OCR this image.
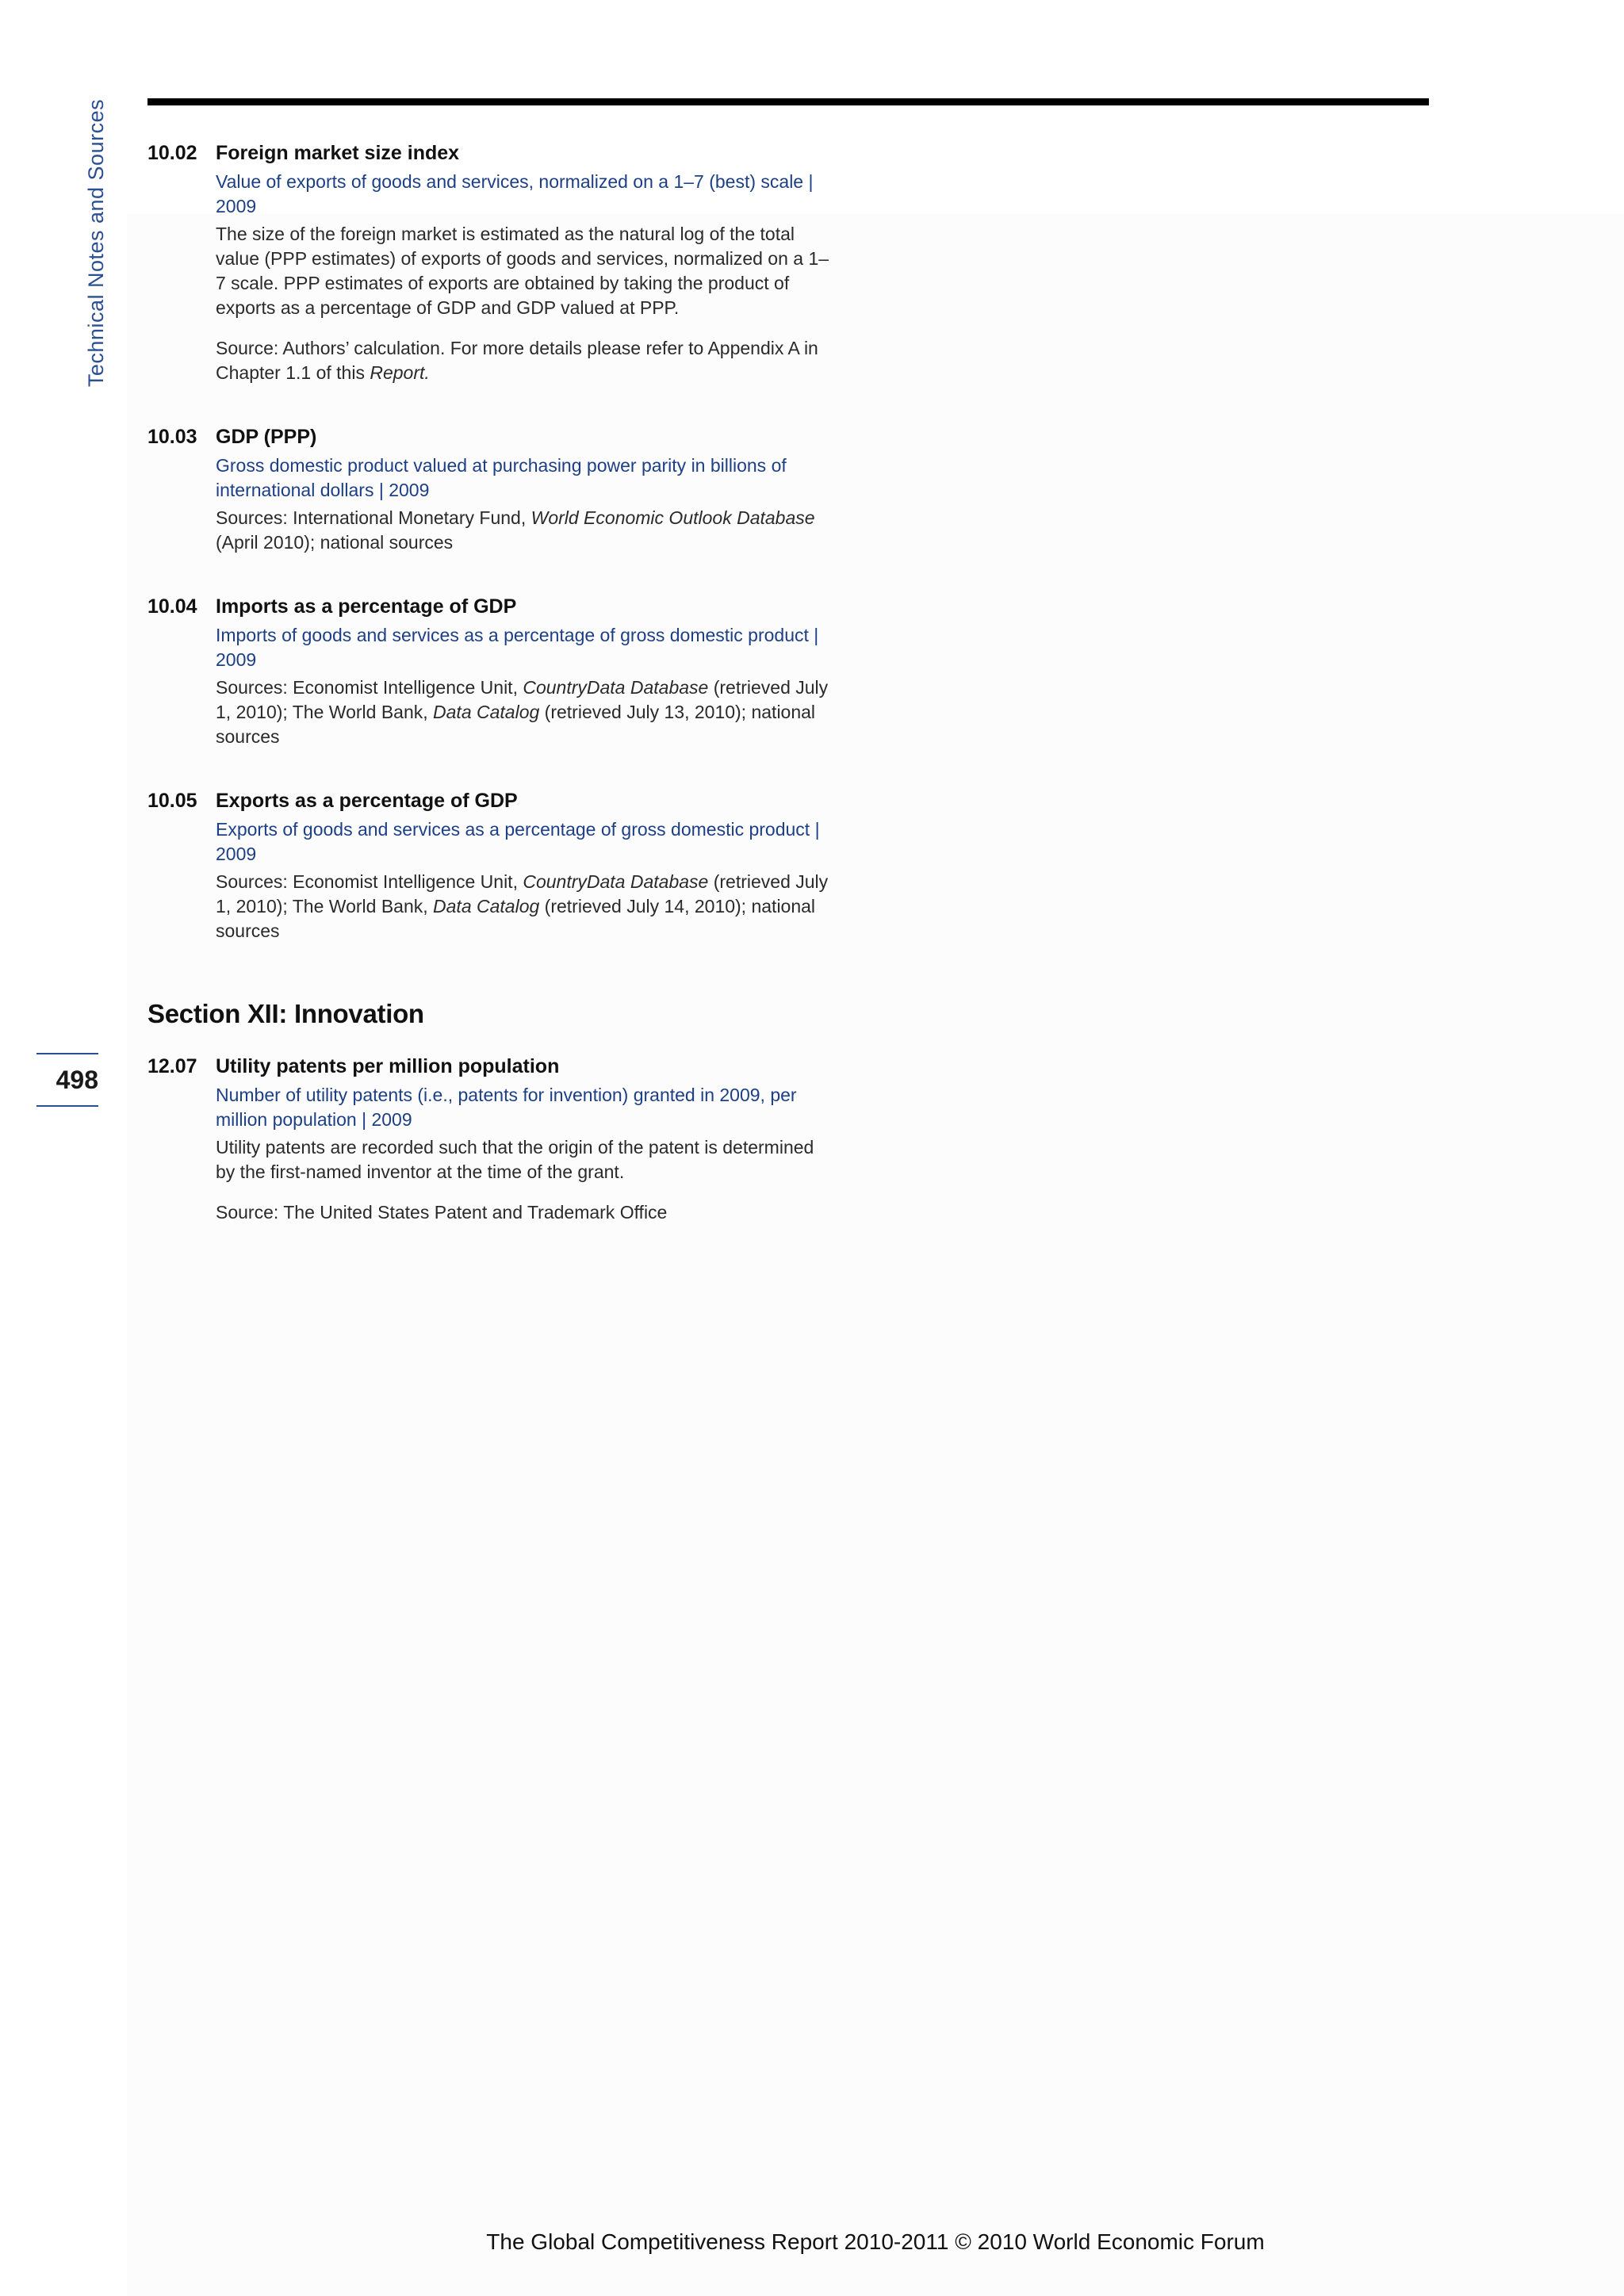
Technical Notes and Sources
498
10.02 Foreign market size index

Value of exports of goods and services, normalized on a 1–7 (best) scale | 2009

The size of the foreign market is estimated as the natural log of the total value (PPP estimates) of exports of goods and services, normalized on a 1–7 scale. PPP estimates of exports are obtained by taking the product of exports as a percentage of GDP and GDP valued at PPP.

Source: Authors’ calculation. For more details please refer to Appendix A in Chapter 1.1 of this Report.

10.03 GDP (PPP)

Gross domestic product valued at purchasing power parity in billions of international dollars | 2009

Sources: International Monetary Fund, World Economic Outlook Database (April 2010); national sources

10.04 Imports as a percentage of GDP

Imports of goods and services as a percentage of gross domestic product | 2009

Sources: Economist Intelligence Unit, CountryData Database (retrieved July 1, 2010); The World Bank, Data Catalog (retrieved July 13, 2010); national sources

10.05 Exports as a percentage of GDP

Exports of goods and services as a percentage of gross domestic product | 2009

Sources: Economist Intelligence Unit, CountryData Database (retrieved July 1, 2010); The World Bank, Data Catalog (retrieved July 14, 2010); national sources

Section XII: Innovation
12.07 Utility patents per million population

Number of utility patents (i.e., patents for invention) granted in 2009, per million population | 2009

Utility patents are recorded such that the origin of the patent is determined by the first-named inventor at the time of the grant.

Source: The United States Patent and Trademark Office

The Global Competitiveness Report 2010-2011 © 2010 World Economic Forum
